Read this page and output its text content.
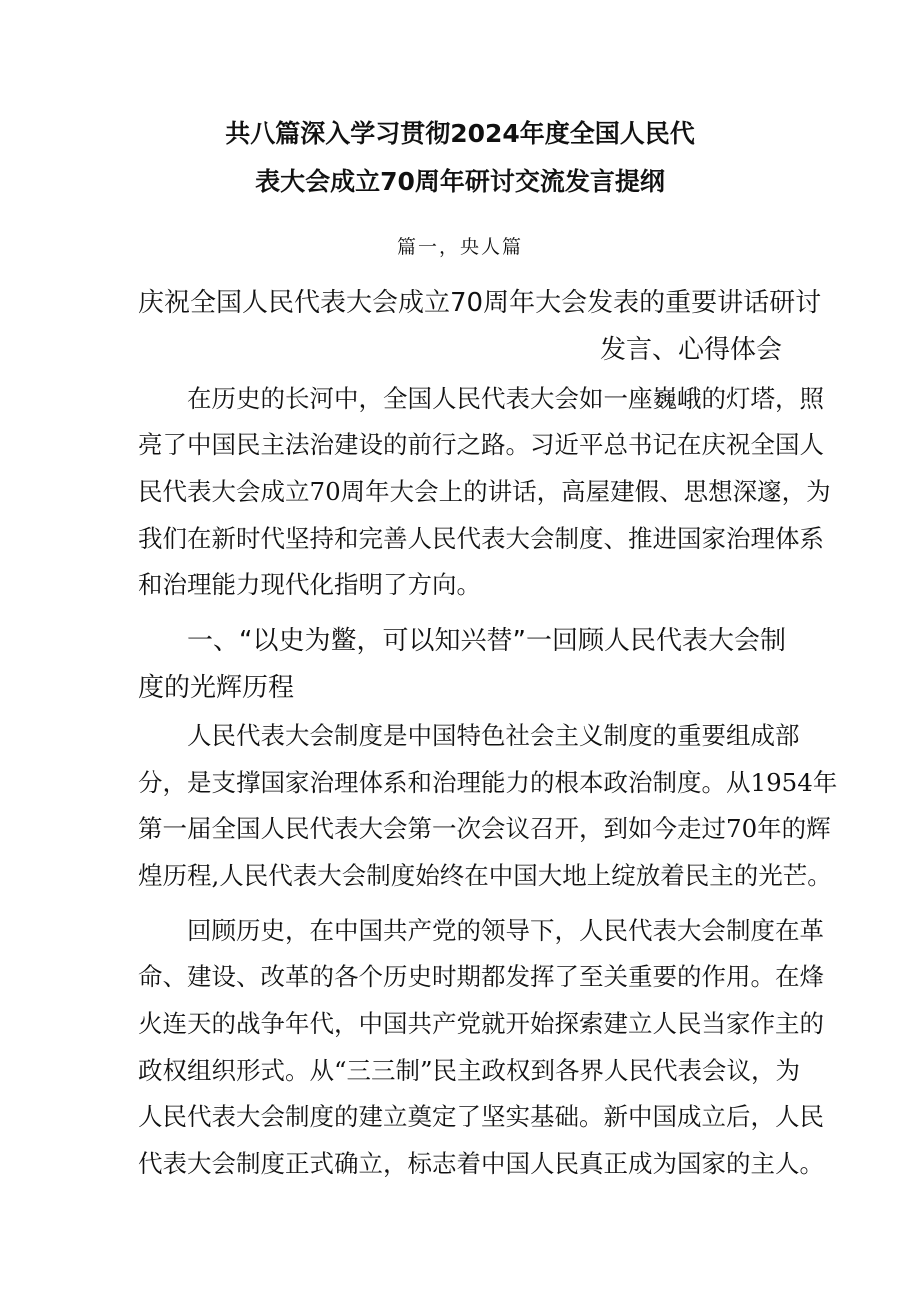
共八篇深入学习贯彻2024年度全国人民代

表大会成立70周年研讨交流发言提纲

篇一，央人篇

庆祝全国人民代表大会成立70周年大会发表的重要讲话研讨

发言、心得体会

在历史的长河中，全国人民代表大会如一座巍峨的灯塔，照

亮了中国民主法治建设的前行之路。习近平总书记在庆祝全国人

民代表大会成立70周年大会上的讲话，高屋建假、思想深邃，为

我们在新时代坚持和完善人民代表大会制度、推进国家治理体系

和治理能力现代化指明了方向。

一、“以史为鳖，可以知兴替”一回顾人民代表大会制

度的光辉历程

人民代表大会制度是中国特色社会主义制度的重要组成部

分，是支撑国家治理体系和治理能力的根本政治制度。从1954年

第一届全国人民代表大会第一次会议召开，到如今走过70年的辉

煌历程,人民代表大会制度始终在中国大地上绽放着民主的光芒。

回顾历史，在中国共产党的领导下，人民代表大会制度在革

命、建设、改革的各个历史时期都发挥了至关重要的作用。在烽

火连天的战争年代，中国共产党就开始探索建立人民当家作主的

政权组织形式。从“三三制”民主政权到各界人民代表会议，为

人民代表大会制度的建立奠定了坚实基础。新中国成立后，人民

代表大会制度正式确立，标志着中国人民真正成为国家的主人。
